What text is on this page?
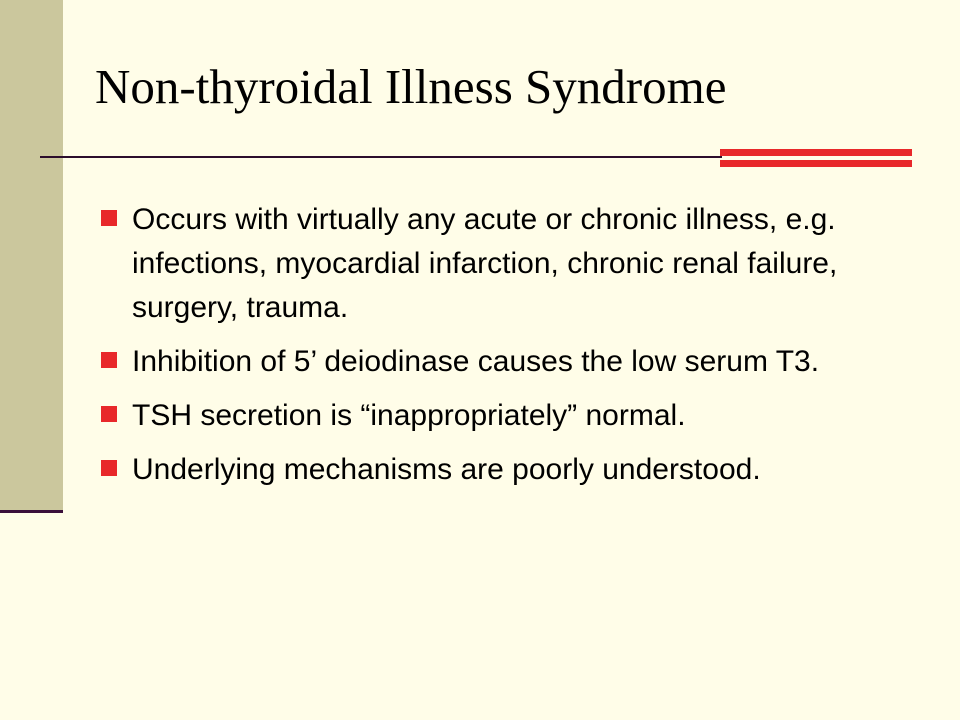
Non-thyroidal Illness Syndrome
Occurs with virtually any acute or chronic illness, e.g. infections, myocardial infarction, chronic renal failure, surgery, trauma.
Inhibition of 5’ deiodinase causes the low serum T3.
TSH secretion is “inappropriately” normal.
Underlying mechanisms are poorly understood.
